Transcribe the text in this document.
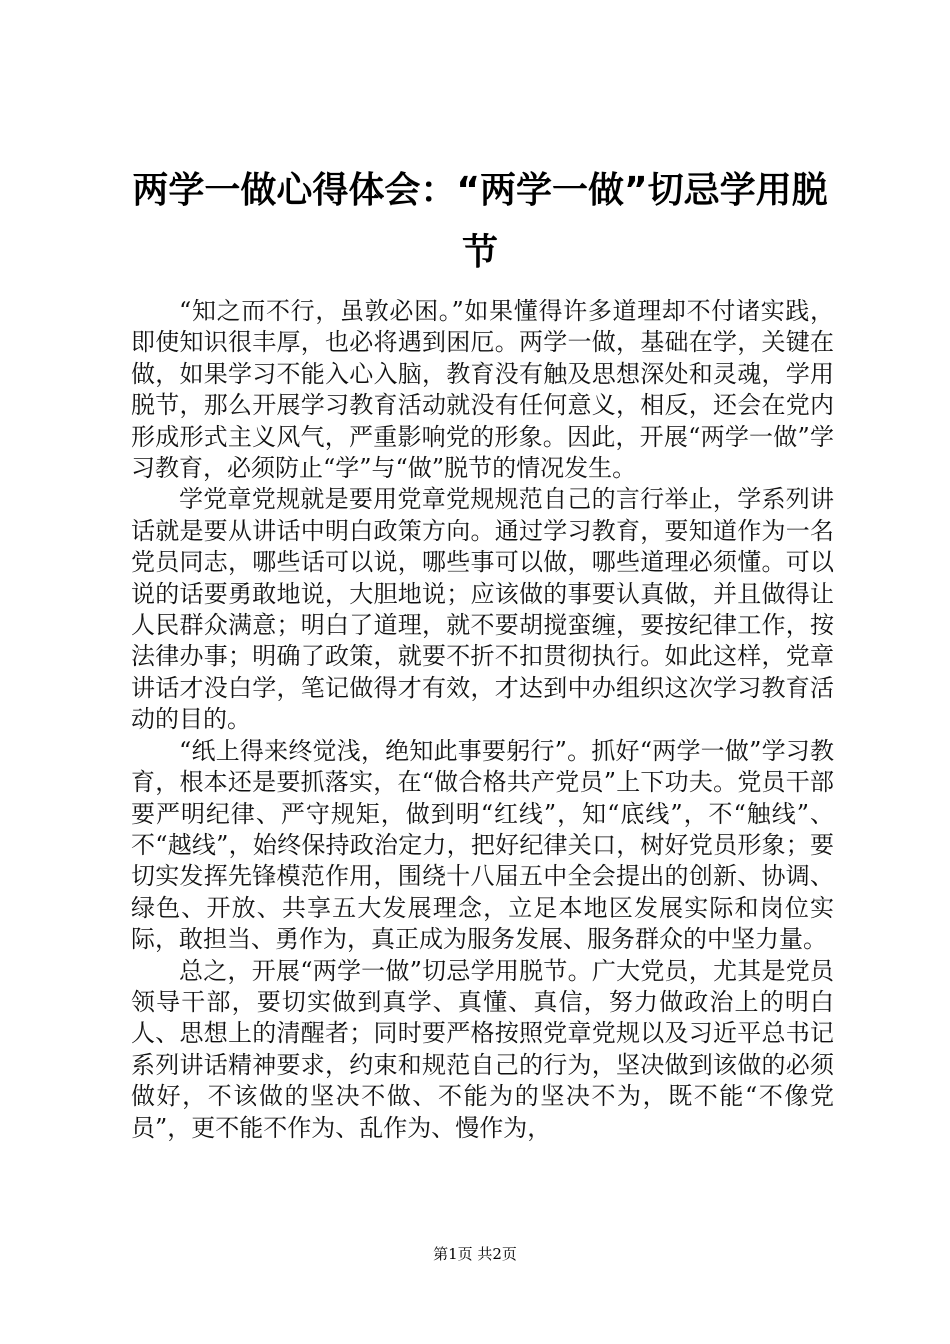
两学一做心得体会：“两学一做”切忌学用脱节

“知之而不行，虽敦必困。”如果懂得许多道理却不付诸实践，即使知识很丰厚，也必将遇到困厄。两学一做，基础在学，关键在做，如果学习不能入心入脑，教育没有触及思想深处和灵魂，学用脱节，那么开展学习教育活动就没有任何意义，相反，还会在党内形成形式主义风气，严重影响党的形象。因此，开展“两学一做”学习教育，必须防止“学”与“做”脱节的情况发生。

学党章党规就是要用党章党规规范自己的言行举止，学系列讲话就是要从讲话中明白政策方向。通过学习教育，要知道作为一名党员同志，哪些话可以说，哪些事可以做，哪些道理必须懂。可以说的话要勇敢地说，大胆地说；应该做的事要认真做，并且做得让人民群众满意；明白了道理，就不要胡搅蛮缠，要按纪律工作，按法律办事；明确了政策，就要不折不扣贯彻执行。如此这样，党章讲话才没白学，笔记做得才有效，才达到中办组织这次学习教育活动的目的。

“纸上得来终觉浅，绝知此事要躬行”。抓好“两学一做”学习教育，根本还是要抓落实，在“做合格共产党员”上下功夫。党员干部要严明纪律、严守规矩，做到明“红线”，知“底线”，不“触线”、不“越线”，始终保持政治定力，把好纪律关口，树好党员形象；要切实发挥先锋模范作用，围绕十八届五中全会提出的创新、协调、绿色、开放、共享五大发展理念，立足本地区发展实际和岗位实际，敢担当、勇作为，真正成为服务发展、服务群众的中坚力量。

总之，开展“两学一做”切忌学用脱节。广大党员，尤其是党员领导干部，要切实做到真学、真懂、真信，努力做政治上的明白人、思想上的清醒者；同时要严格按照党章党规以及习近平总书记系列讲话精神要求，约束和规范自己的行为，坚决做到该做的必须做好，不该做的坚决不做、不能为的坚决不为，既不能“不像党员”，更不能不作为、乱作为、慢作为，

第1页 共2页
